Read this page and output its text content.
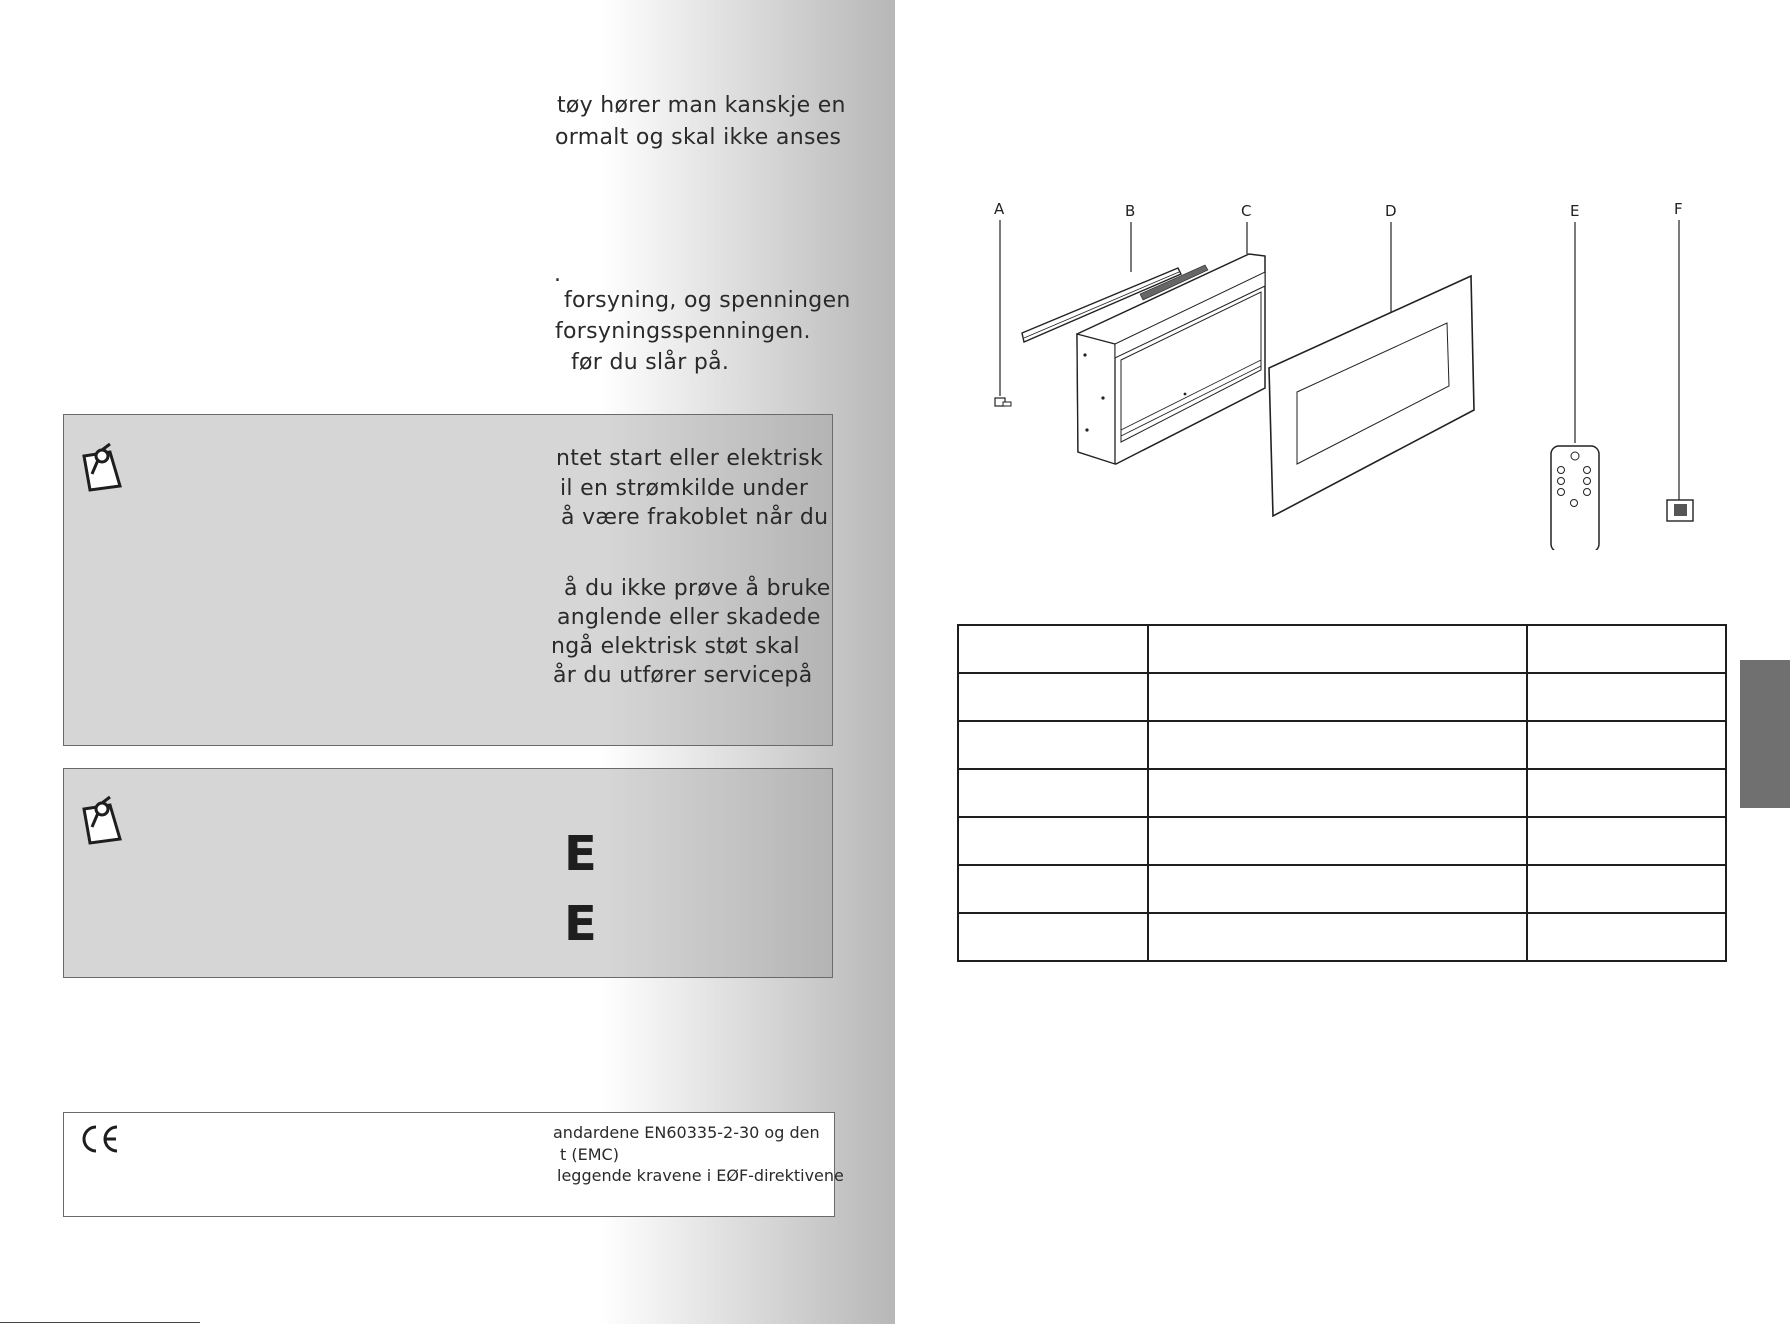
tøy hører man kanskje en
ormalt og skal ikke anses
.
forsyning, og spenningen
forsyningsspenningen.
før du slår på.
ntet start eller elektrisk
il en strømkilde under
å være frakoblet når du
å du ikke prøve å bruke
anglende eller skadede
ngå elektrisk støt skal
år du utfører servicepå
E
E
andardene EN60335-2-30 og den
t (EMC)
leggende kravene i EØF-direktivene
A	B	C	D	E	F
